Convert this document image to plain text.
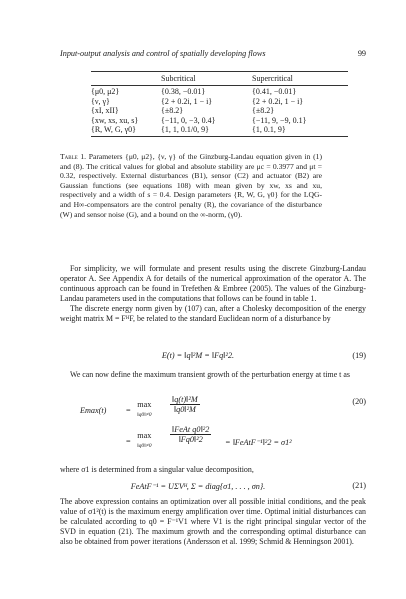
Input-output analysis and control of spatially developing flows	99
Subcritical	Supercritical
{μ0, μ2}	{0.38, −0.01}	{0.41, −0.01}
{ν, γ}	{2 + 0.2i, 1 − i}	{2 + 0.2i, 1 − i}
{xI, xII}	{±8.2}	{±8.2}
{xw, xs, xu, s}	{−11, 0, −3, 0.4}	{−11, 9, −9, 0.1}
{R, W, G, γ0}	{1, 1, 0.1/0, 9}	{1, 0.1, 9}
Table 1. Parameters {μ0, μ2}, {ν, γ} of the Ginzburg-Landau equation given in (1) and (8). The critical values for global and absolute stability are μc = 0.3977 and μt = 0.32, respectively. External disturbances (B1), sensor (C2) and actuator (B2) are Gaussian functions (see equations 108) with mean given by xw, xs and xu, respectively and a width of s = 0.4. Design parameters {R, W, G, γ0} for the LQG- and H∞-compensators are the control penalty (R), the covariance of the disturbance (W) and sensor noise (G), and a bound on the ∞-norm, (γ0).

For simplicity, we will formulate and present results using the discrete Ginzburg-Landau operator A. See Appendix A for details of the numerical approximation of the operator A. The continuous approach can be found in Trefethen & Embree (2005). The values of the Ginzburg-Landau parameters used in the computations that follows can be found in table 1.

The discrete energy norm given by (107) can, after a Cholesky decomposition of the energy weight matrix M = FᴴF, be related to the standard Euclidean norm of a disturbance by

E(t) = ‖q‖²M = ‖Fq‖²2.	(19)

We can now define the maximum transient growth of the perturbation energy at time t as

Emax(t) =
max
‖q0‖≠0
$\frac{\text{‖q(t)‖²M}}{\text{‖q0‖²M}}$	(20)
=
max
‖q0‖≠0
‖FeAt q0‖²2
‖Fq0‖²2	= ‖FeAtF⁻¹‖²2 = σ1²

where σ1 is determined from a singular value decomposition,

FeAtF⁻¹ = UΣVᴴ, Σ = diag{σ1, . . . , σn}.	(21)

The above expression contains an optimization over all possible initial conditions, and the peak value of σ1²(t) is the maximum energy amplification over time. Optimal initial disturbances can be calculated according to q0 = F⁻¹V1 where V1 is the right principal singular vector of the SVD in equation (21). The maximum growth and the corresponding optimal disturbance can also be obtained from power iterations (Andersson et al. 1999; Schmid & Henningson 2001).
